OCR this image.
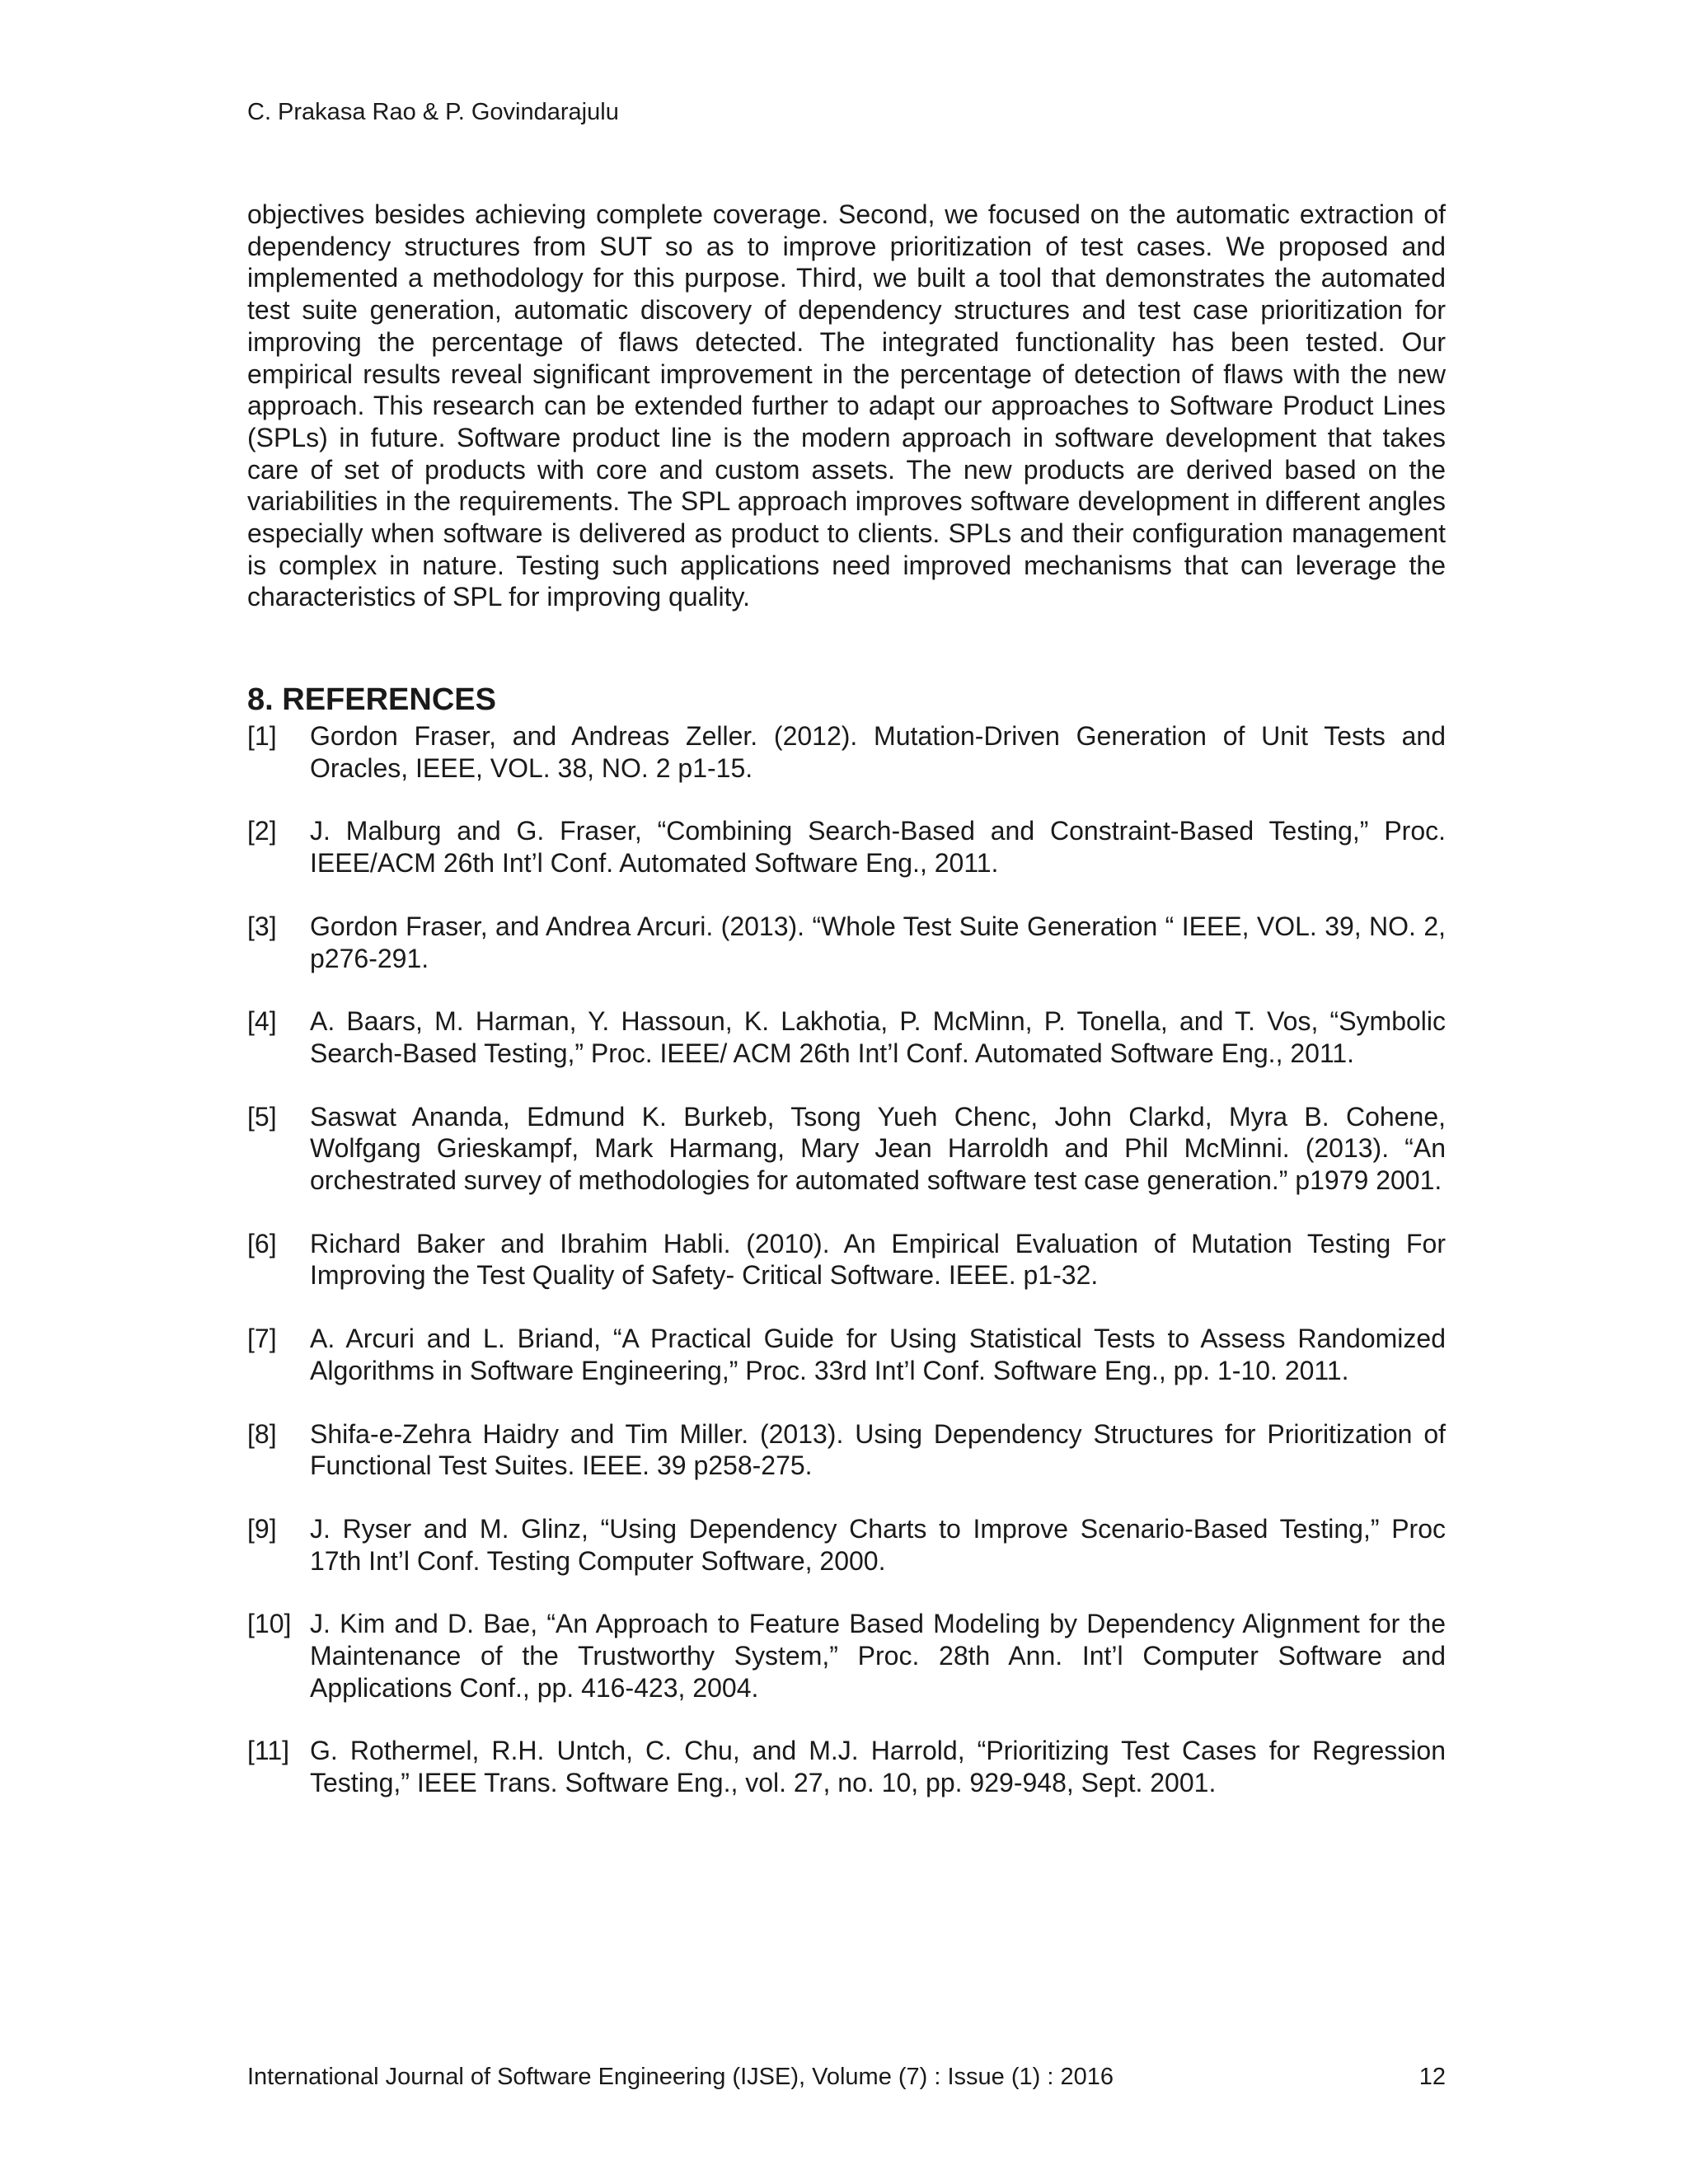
C. Prakasa Rao & P. Govindarajulu

objectives besides achieving complete coverage. Second, we focused on the automatic extraction of dependency structures from SUT so as to improve prioritization of test cases. We proposed and implemented a methodology for this purpose. Third, we built a tool that demonstrates the automated test suite generation, automatic discovery of dependency structures and test case prioritization for improving the percentage of flaws detected. The integrated functionality has been tested. Our empirical results reveal significant improvement in the percentage of detection of flaws with the new approach. This research can be extended further to adapt our approaches to Software Product Lines (SPLs) in future. Software product line is the modern approach in software development that takes care of set of products with core and custom assets. The new products are derived based on the variabilities in the requirements. The SPL approach improves software development in different angles especially when software is delivered as product to clients. SPLs and their configuration management is complex in nature. Testing such applications need improved mechanisms that can leverage the characteristics of SPL for improving quality.

8. REFERENCES
[1] Gordon Fraser, and Andreas Zeller. (2012). Mutation-Driven Generation of Unit Tests and Oracles, IEEE, VOL. 38, NO. 2 p1-15.
[2] J. Malburg and G. Fraser, “Combining Search-Based and Constraint-Based Testing,” Proc. IEEE/ACM 26th Int’l Conf. Automated Software Eng., 2011.
[3] Gordon Fraser, and Andrea Arcuri. (2013). “Whole Test Suite Generation “ IEEE, VOL. 39, NO. 2, p276-291.
[4] A. Baars, M. Harman, Y. Hassoun, K. Lakhotia, P. McMinn, P. Tonella, and T. Vos, “Symbolic Search-Based Testing,” Proc. IEEE/ ACM 26th Int’l Conf. Automated Software Eng., 2011.
[5] Saswat Ananda, Edmund K. Burkeb, Tsong Yueh Chenc, John Clarkd, Myra B. Cohene, Wolfgang Grieskampf, Mark Harmang, Mary Jean Harroldh and Phil McMinni. (2013). “An orchestrated survey of methodologies for automated software test case generation.” p1979 2001.
[6] Richard Baker and Ibrahim Habli. (2010). An Empirical Evaluation of Mutation Testing For Improving the Test Quality of Safety- Critical Software. IEEE. p1-32.
[7] A. Arcuri and L. Briand, “A Practical Guide for Using Statistical Tests to Assess Randomized Algorithms in Software Engineering,” Proc. 33rd Int’l Conf. Software Eng., pp. 1-10. 2011.
[8] Shifa-e-Zehra Haidry and Tim Miller. (2013). Using Dependency Structures for Prioritization of Functional Test Suites. IEEE. 39 p258-275.
[9] J. Ryser and M. Glinz, “Using Dependency Charts to Improve Scenario-Based Testing,” Proc 17th Int’l Conf. Testing Computer Software, 2000.
[10] J. Kim and D. Bae, “An Approach to Feature Based Modeling by Dependency Alignment for the Maintenance of the Trustworthy System,” Proc. 28th Ann. Int’l Computer Software and Applications Conf., pp. 416-423, 2004.
[11] G. Rothermel, R.H. Untch, C. Chu, and M.J. Harrold, “Prioritizing Test Cases for Regression Testing,” IEEE Trans. Software Eng., vol. 27, no. 10, pp. 929-948, Sept. 2001.
International Journal of Software Engineering (IJSE), Volume (7) : Issue (1) : 2016	12
